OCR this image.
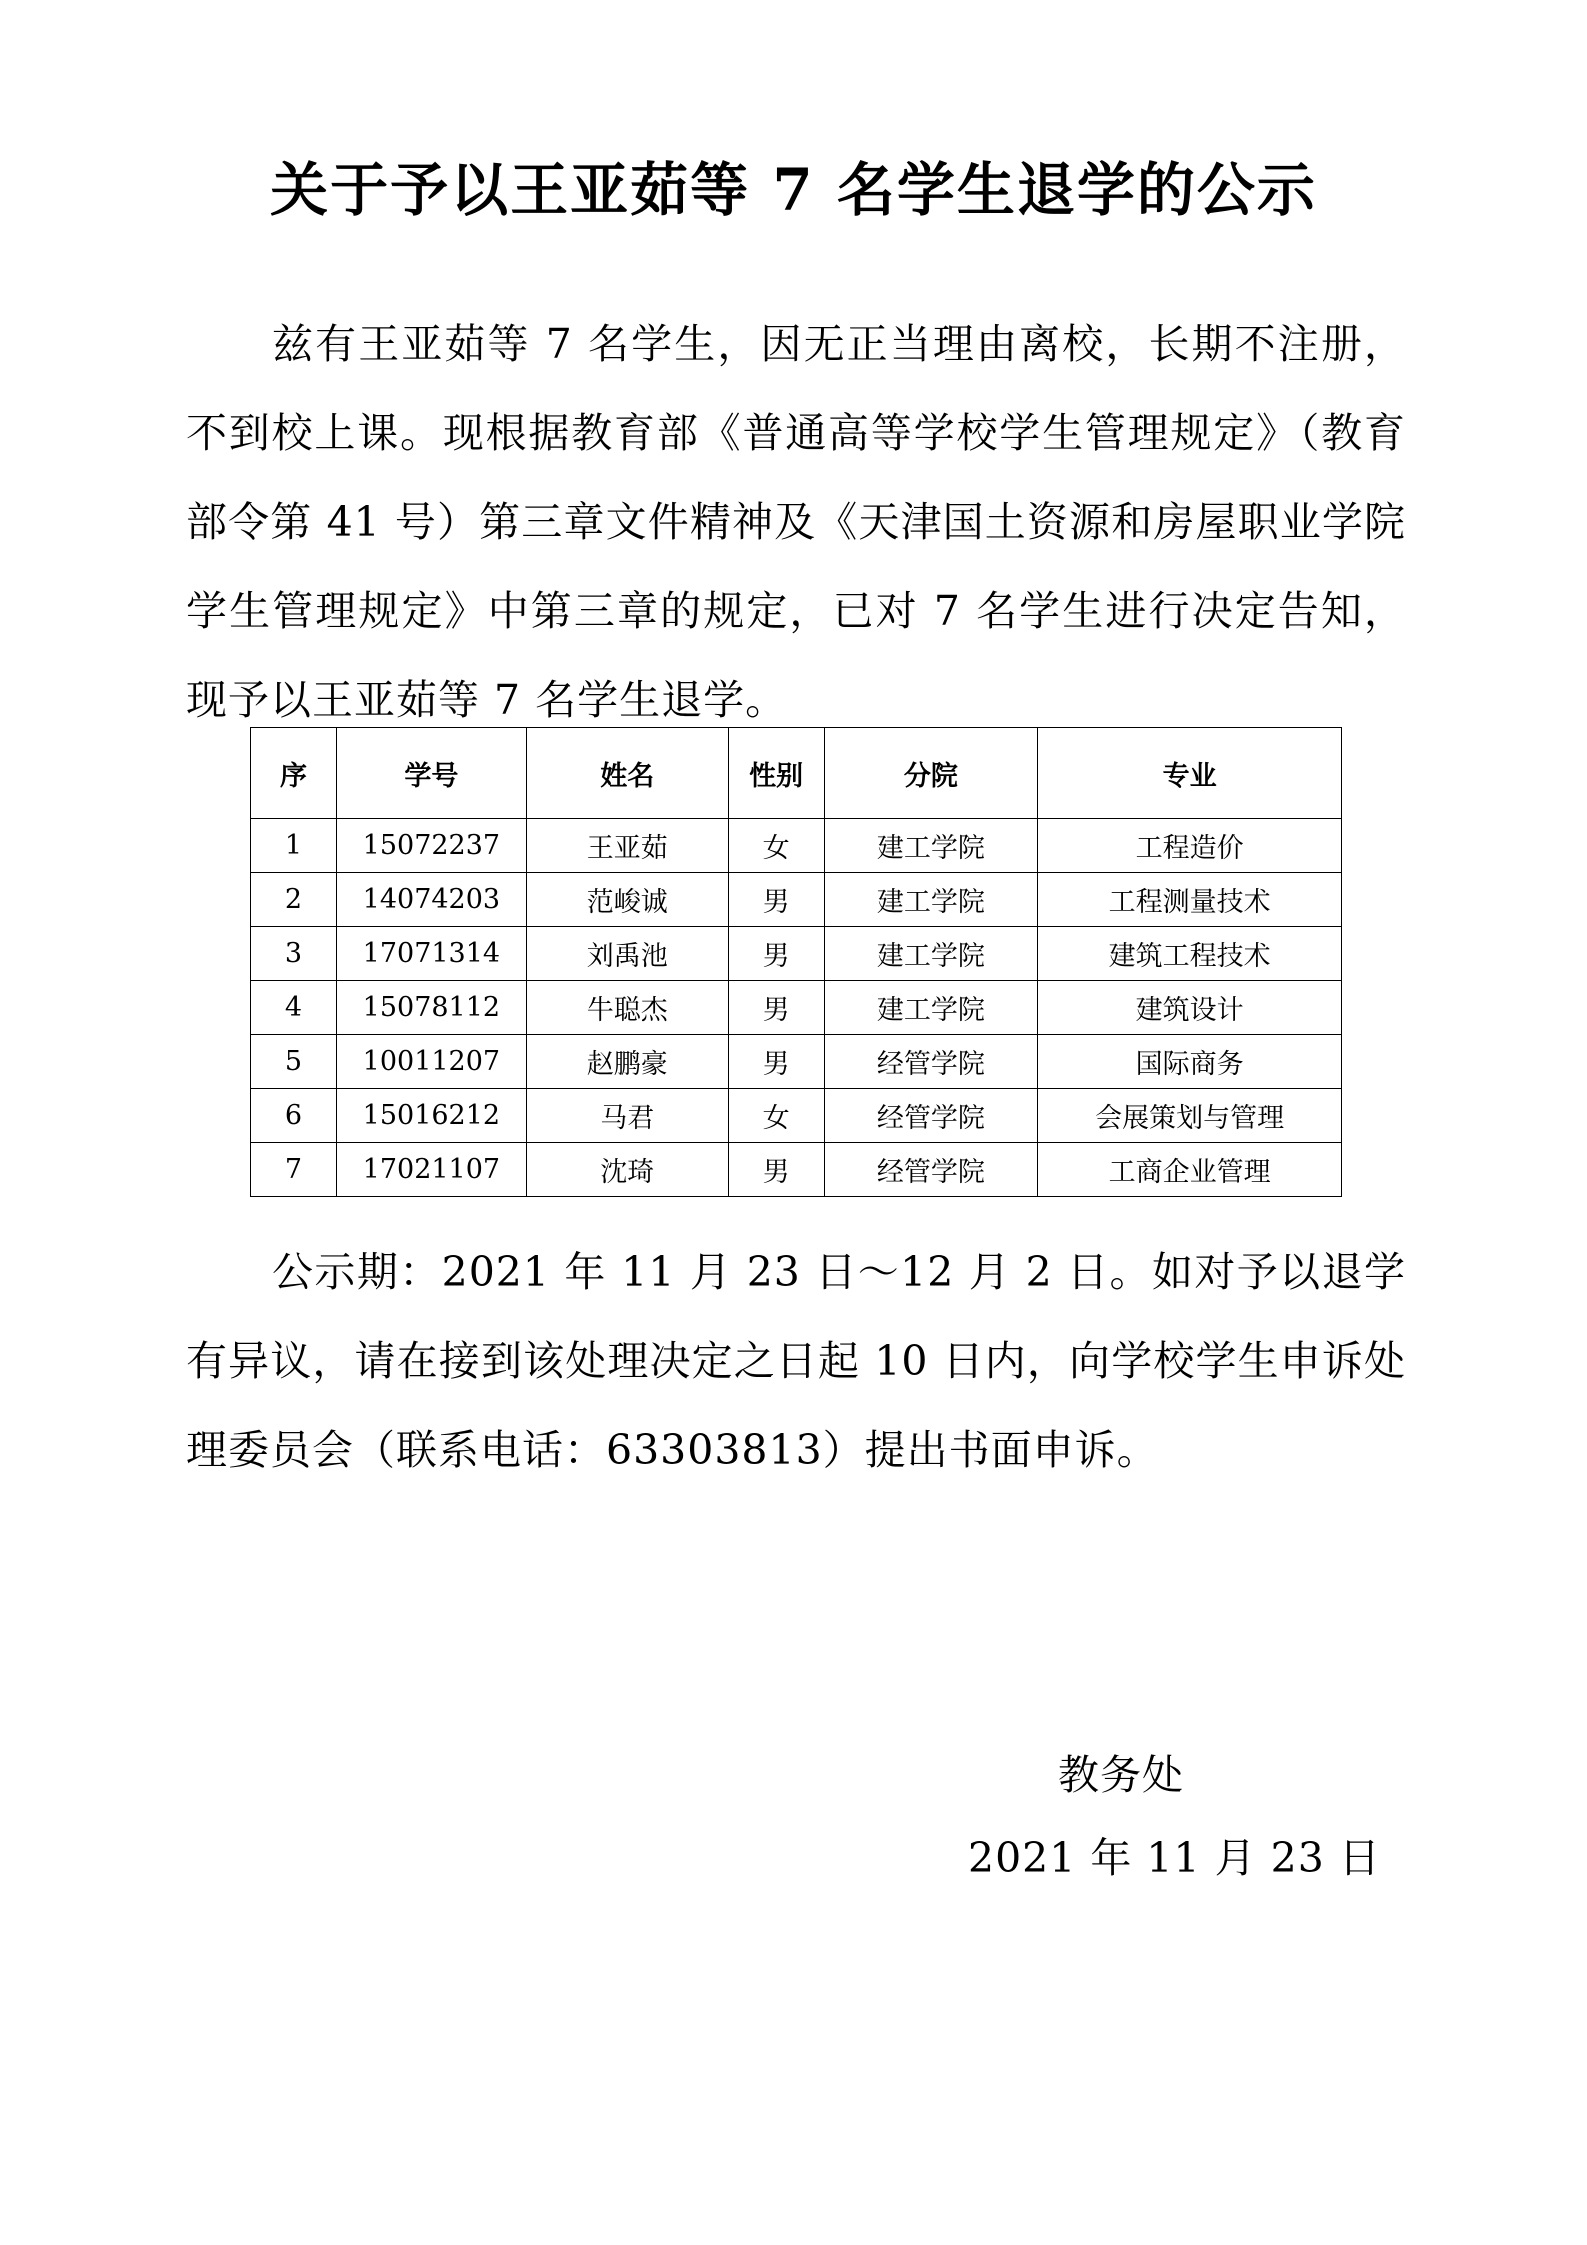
关于予以王亚茹等 7 名学生退学的公示
兹有王亚茹等 7 名学生，因无正当理由离校，长期不注册，不到校上课。现根据教育部《普通高等学校学生管理规定》（教育部令第 41 号）第三章文件精神及《天津国土资源和房屋职业学院学生管理规定》中第三章的规定，已对 7 名学生进行决定告知，现予以王亚茹等 7 名学生退学。
序	学号	姓名	性别	分院	专业
1	15072237	王亚茹	女	建工学院	工程造价
2	14074203	范峻诚	男	建工学院	工程测量技术
3	17071314	刘禹池	男	建工学院	建筑工程技术
4	15078112	牛聪杰	男	建工学院	建筑设计
5	10011207	赵鹏豪	男	经管学院	国际商务
6	15016212	马君	女	经管学院	会展策划与管理
7	17021107	沈琦	男	经管学院	工商企业管理
公示期：2021 年 11 月 23 日～12 月 2 日。如对予以退学有异议，请在接到该处理决定之日起 10 日内，向学校学生申诉处理委员会（联系电话：63303813）提出书面申诉。
教务处
2021 年 11 月 23 日
